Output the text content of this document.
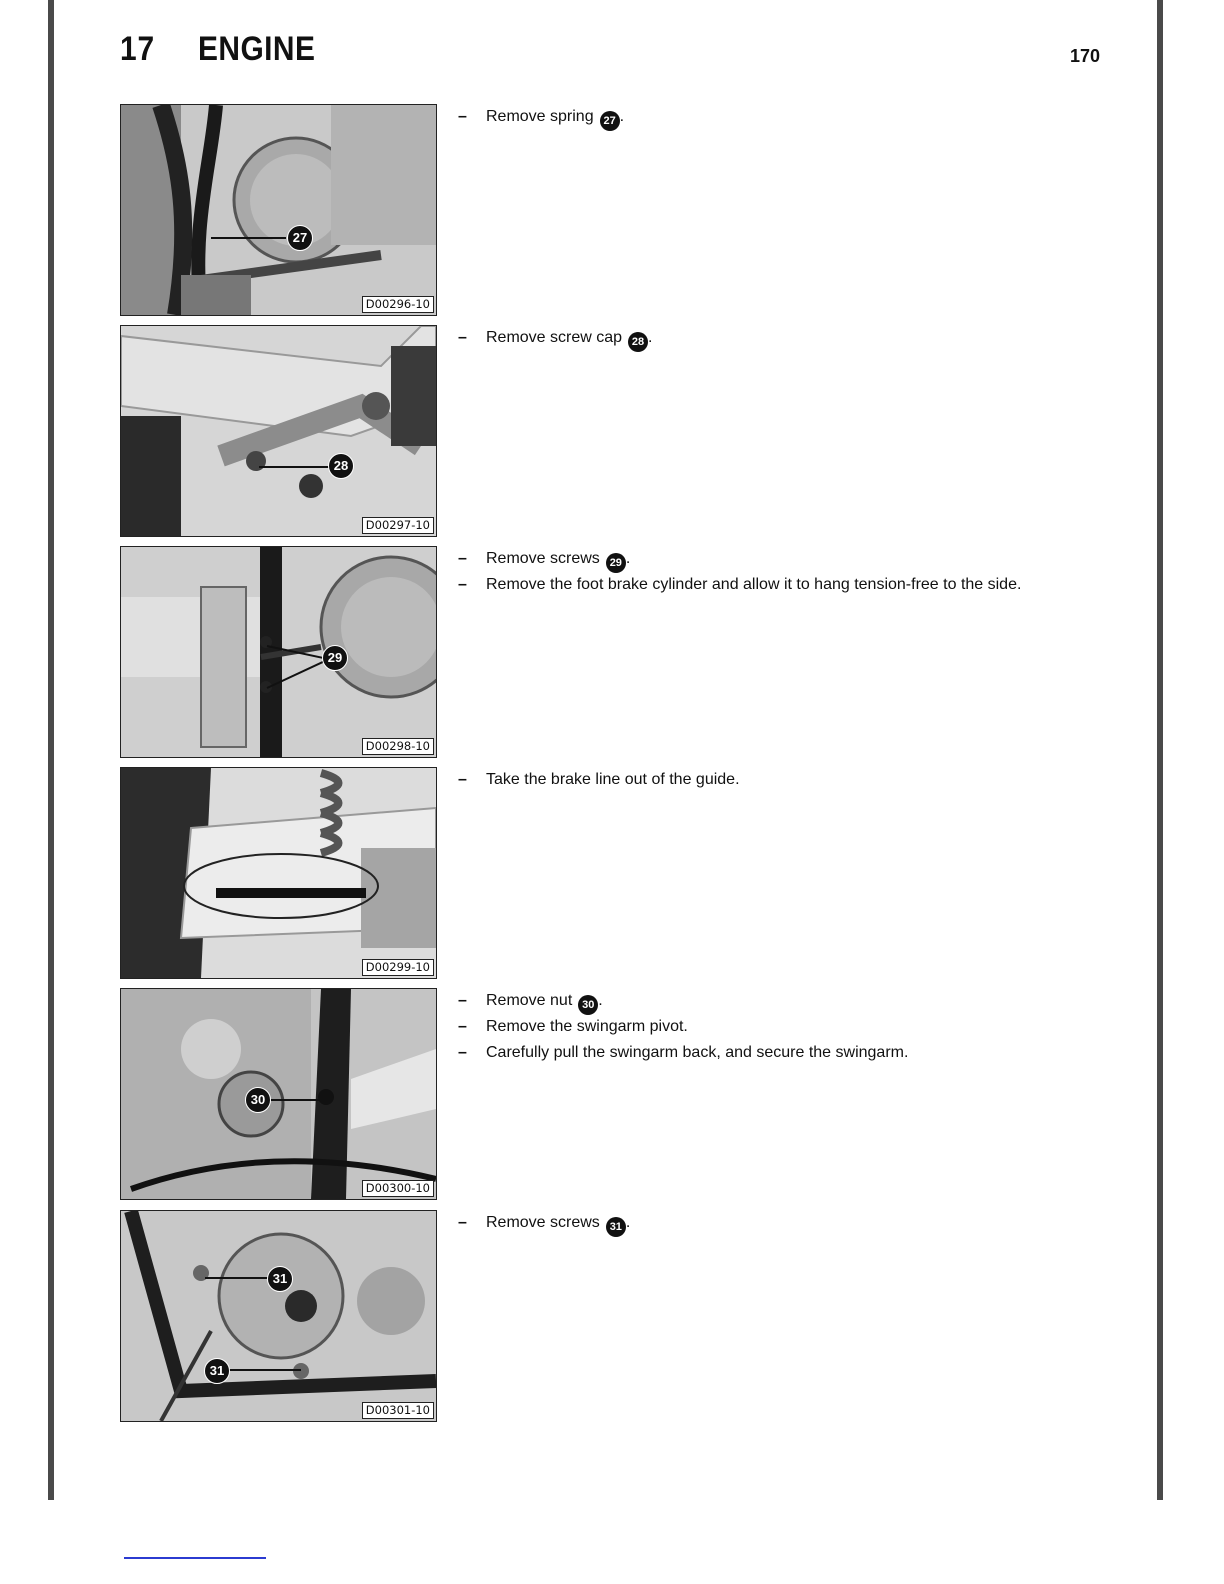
17 ENGINE	170
27
D00296-10
– Remove spring 27 .
28
D00297-10
– Remove screw cap 28 .
29
D00298-10
– Remove screws 29 .
– Remove the foot brake cylinder and allow it to hang tension-free to the side.
D00299-10
– Take the brake line out of the guide.
30
D00300-10
– Remove nut 30 .
– Remove the swingarm pivot.
– Carefully pull the swingarm back, and secure the swingarm.
31
31
D00301-10
– Remove screws 31 .
